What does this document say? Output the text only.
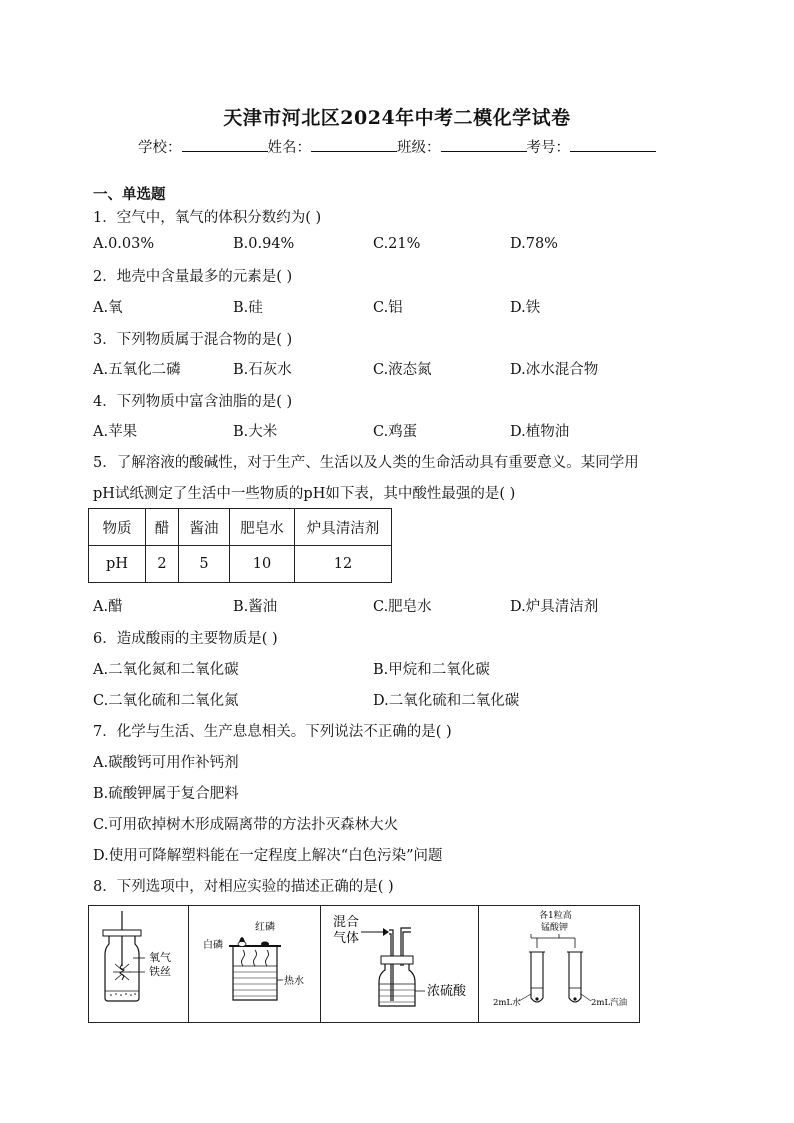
天津市河北区2024年中考二模化学试卷
学校：	姓名：	班级：	考号：
一、单选题
1．空气中，氧气的体积分数约为( )
A.0.03%	B.0.94%	C.21%	D.78%
2．地壳中含量最多的元素是( )
A.氧	B.硅	C.铝	D.铁
3．下列物质属于混合物的是( )
A.五氧化二磷	B.石灰水	C.液态氮	D.冰水混合物
4．下列物质中富含油脂的是( )
A.苹果	B.大米	C.鸡蛋	D.植物油
5．了解溶液的酸碱性，对于生产、生活以及人类的生命活动具有重要意义。某同学用
pH试纸测定了生活中一些物质的pH如下表，其中酸性最强的是( )
物质	醋	酱油	肥皂水	炉具清洁剂
pH	2	5	10	12
A.醋	B.酱油	C.肥皂水	D.炉具清洁剂
6．造成酸雨的主要物质是( )
A.二氧化氮和二氧化碳	B.甲烷和二氧化碳
C.二氧化硫和二氧化氮	D.二氧化硫和二氧化碳
7．化学与生活、生产息息相关。下列说法不正确的是( )
A.碳酸钙可用作补钙剂
B.硫酸钾属于复合肥料
C.可用砍掉树木形成隔离带的方法扑灭森林大火
D.使用可降解塑料能在一定程度上解决“白色污染”问题
8．下列选项中，对相应实验的描述正确的是( )
氧气
铁丝
红磷
白磷
热水
混合
气体
浓硫酸
各1粒高
锰酸钾
2mL水	2mL汽油
